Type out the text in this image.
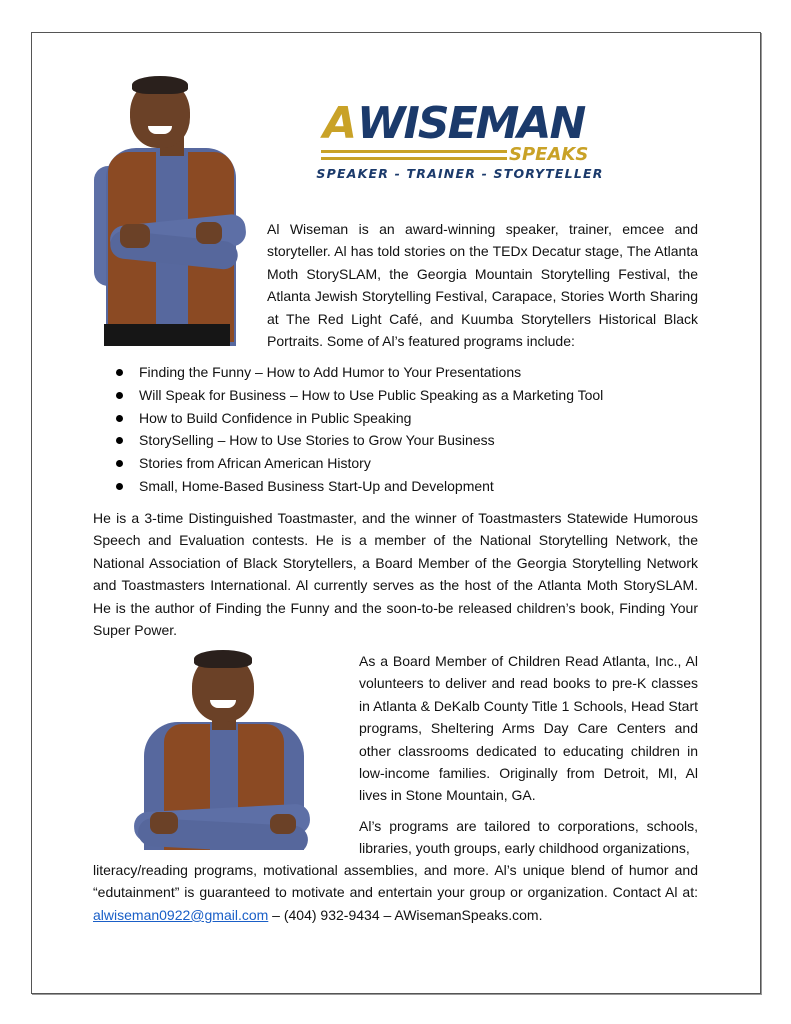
A WISEMAN
SPEAKS
SPEAKER - TRAINER - STORYTELLER
Al Wiseman is an award-winning speaker, trainer, emcee and storyteller. Al has told stories on the TEDx Decatur stage, The Atlanta Moth StorySLAM, the Georgia Mountain Storytelling Festival, the Atlanta Jewish Storytelling Festival, Carapace, Stories Worth Sharing at The Red Light Café, and Kuumba Storytellers Historical Black Portraits. Some of Al’s featured programs include:
Finding the Funny – How to Add Humor to Your Presentations
Will Speak for Business – How to Use Public Speaking as a Marketing Tool
How to Build Confidence in Public Speaking
StorySelling – How to Use Stories to Grow Your Business
Stories from African American History
Small, Home-Based Business Start-Up and Development
He is a 3-time Distinguished Toastmaster, and the winner of Toastmasters Statewide Humorous Speech and Evaluation contests. He is a member of the National Storytelling Network, the National Association of Black Storytellers, a Board Member of the Georgia Storytelling Network and Toastmasters International. Al currently serves as the host of the Atlanta Moth StorySLAM. He is the author of Finding the Funny and the soon-to-be released children’s book, Finding Your Super Power.
As a Board Member of Children Read Atlanta, Inc., Al volunteers to deliver and read books to pre-K classes in Atlanta & DeKalb County Title 1 Schools, Head Start programs, Sheltering Arms Day Care Centers and other classrooms dedicated to educating children in low-income families. Originally from Detroit, MI, Al lives in Stone Mountain, GA.
Al’s programs are tailored to corporations, schools, libraries, youth groups, early childhood organizations,
literacy/reading programs, motivational assemblies, and more. Al’s unique blend of humor and “edutainment” is guaranteed to motivate and entertain your group or organization. Contact Al at: alwiseman0922@gmail.com – (404) 932-9434 – AWisemanSpeaks.com.
